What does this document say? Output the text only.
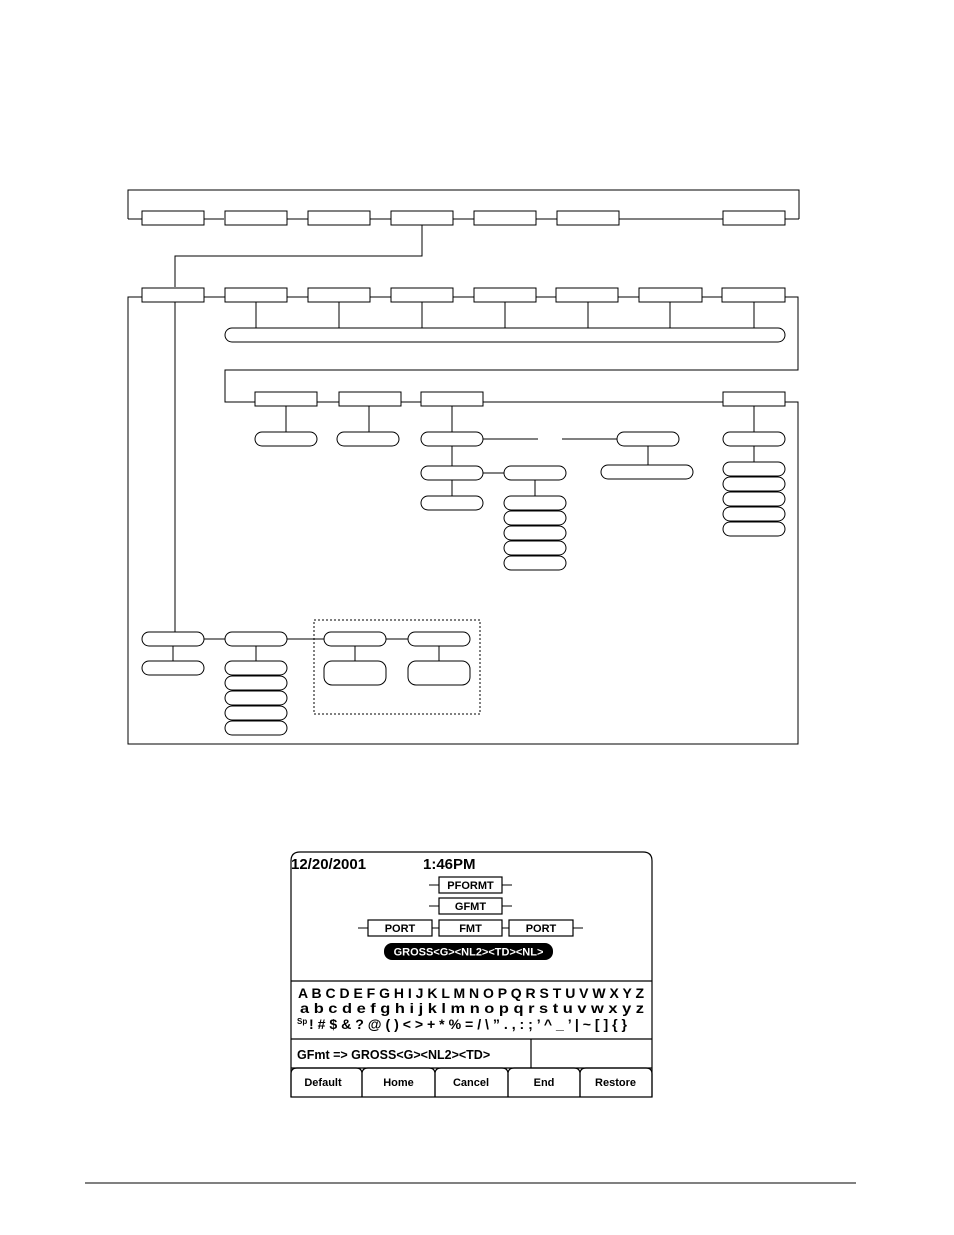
12/20/2001	1:46PM
PFORMT
GFMT
FMT
PORT	PORT
GROSS<G><NL2><TD><NL>
A B C D E F G H I J K L M N O P Q R S T U V W X Y Z
a b c d e f g h i j k l m n o p q r s t u v w x y z
Sp ! # $ & ? @ ( ) < > + * % = / \ ” . , : ; ’ ^ _ ’ | ~ [ ] { }
GFmt => GROSS<G><NL2><TD>
Default	Home	Cancel	End	Restore
